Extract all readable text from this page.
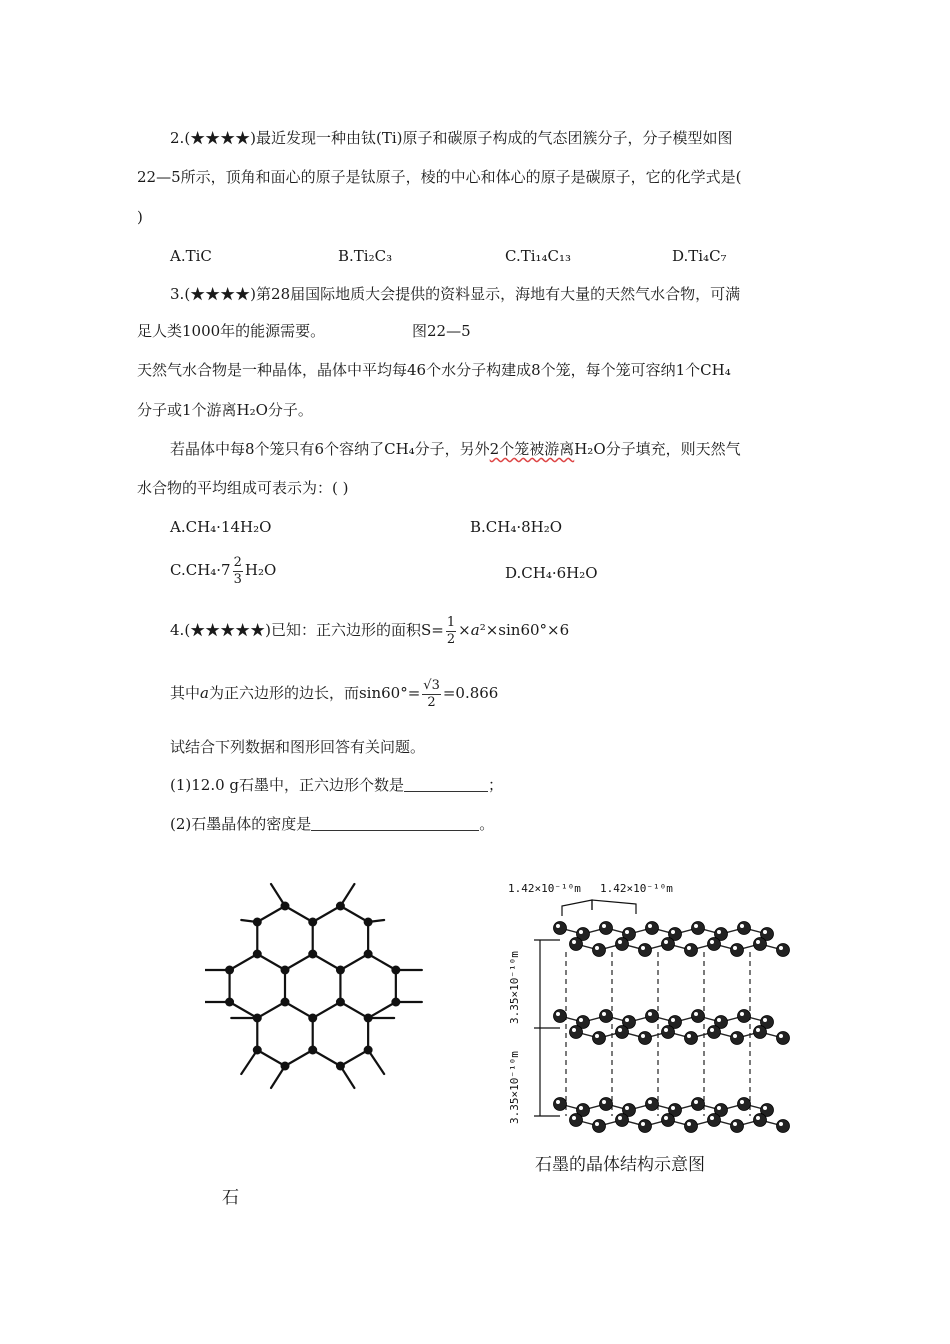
2.(★★★★)最近发现一种由钛(Ti)原子和碳原子构成的气态团簇分子，分子模型如图
22—5所示，顶角和面心的原子是钛原子，棱的中心和体心的原子是碳原子，它的化学式是(
)
A.TiC	B.Ti₂C₃	C.Ti₁₄C₁₃	D.Ti₄C₇
3.(★★★★)第28届国际地质大会提供的资料显示，海地有大量的天然气水合物，可满
足人类1000年的能源需要。	图22—5
天然气水合物是一种晶体，晶体中平均每46个水分子构建成8个笼，每个笼可容纳1个CH₄
分子或1个游离H₂O分子。
若晶体中每8个笼只有6个容纳了CH₄分子，另外2个笼被游离H₂O分子填充，则天然气
水合物的平均组成可表示为：( )
A.CH₄·14H₂O	B.CH₄·8H₂O
$C.CH_4\cdot 7 \frac{2}{3} H_2O$	D.CH₄·6H₂O
4.(★★★★★)已知：正六边形的面积$S= \frac{1}{2} \times a^2\times\sin 60^\circ\times 6$
其中a为正六边形的边长，而$\sin 60^\circ= \frac{√3}{2} =0.866$
试结合下列数据和图形回答有关问题。
(1)12.0 g石墨中，正六边形个数是	；
(2)石墨晶体的密度是	。
1.42×10⁻¹⁰m 1.42×10⁻¹⁰m
3.35×10⁻¹⁰m
3.35×10⁻¹⁰m
石墨的晶体结构示意图
石
